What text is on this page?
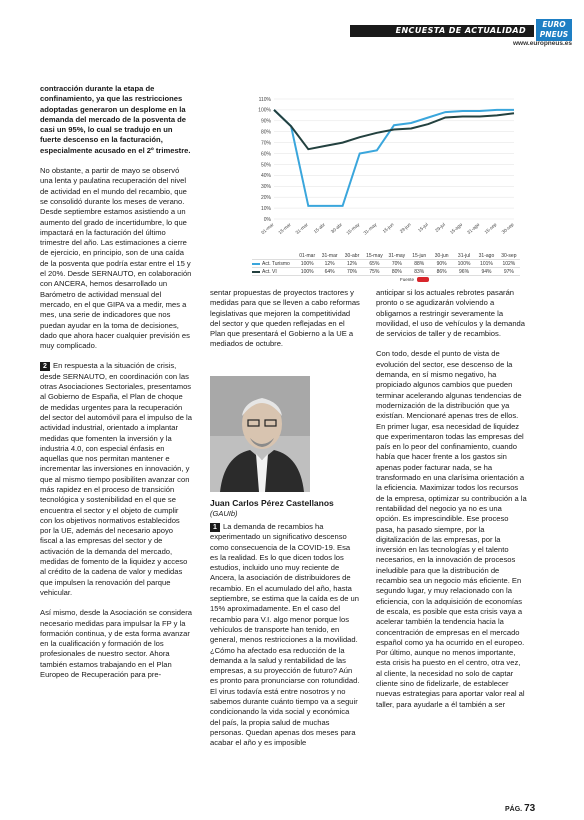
ENCUESTA DE ACTUALIDAD
EURO
PNEUS
www.europneus.es

contracción durante la etapa de confinamiento, ya que las restricciones adoptadas generaron un desplome en la demanda del mercado de la posventa de casi un 95%, lo cual se tradujo en un fuerte descenso en la facturación, especialmente acusado en el 2º trimestre.

No obstante, a partir de mayo se observó una lenta y paulatina recuperación del nivel de actividad en el mundo del recambio, que se consolidó durante los meses de verano. Desde septiembre estamos asistiendo a un aumento del grado de incertidumbre, lo que impactará en la facturación del último trimestre del año. Las estimaciones a cierre de ejercicio, en principio, son de una caída de la posventa que podría estar entre el 15 y el 20%. Desde SERNAUTO, en colaboración con ANCERA, hemos desarrollado un Barómetro de actividad mensual del mercado, en el que GIPA va a medir, mes a mes, una serie de indicadores que nos puedan ayudar en la toma de decisiones, dado que ahora hacer cualquier previsión es muy complicado.

2 En respuesta a la situación de crisis, desde SERNAUTO, en coordinación con las otras Asociaciones Sectoriales, presentamos al Gobierno de España, el Plan de choque de medidas urgentes para la recuperación del sector del automóvil para el impulso de la actividad industrial, orientado a implantar medidas que fomenten la inversión y la industria 4.0, con especial énfasis en aquellas que nos permitan mantener e incrementar las inversiones en innovación, y que al mismo tiempo posibiliten avanzar con más rapidez en el proceso de transición tecnológica y sostenibilidad en el que se encuentra el sector y el objeto de cumplir con los objetivos normativos establecidos por la UE, además del necesario apoyo fiscal a las empresas del sector y de activación de la demanda del mercado, medidas de fomento de la liquidez y acceso al crédito de la cadena de valor y medidas que impulsen la renovación del parque vehicular.

Así mismo, desde la Asociación se considera necesario medidas para impulsar la FP y la formación continua, y de esta forma avanzar en la cualificación y formación de los profesionales de nuestro sector. Ahora también estamos trabajando en el Plan Europeo de Recuperación para pre-

0%
10%
20%
30%
40%
50%
60%
70%
80%
90%
100%
110%
01-mar 15-mar 31-mar 15-abr 30-abr 15-may 31-may 15-jun 29-jun 15-jul 29-jul 15-ago 31-ago 15-sep 30-sep
01-mar	31-mar	30-abr	15-may	31-may	15-jun	30-jun	31-jul	31-ago	30-sep
Act. Turismo	100%	12%	12%	65%	70%	88%	90%	100%	101%	102%
Act. VI	100%	64%	70%	75%	80%	83%	86%	96%	94%	97%
Fuente

sentar propuestas de proyectos tractores y medidas para que se lleven a cabo reformas legislativas que mejoren la competitividad del sector y que queden reflejadas en el Plan que presentará el Gobierno a la UE a mediados de octubre.

Juan Carlos Pérez Castellanos
(GAUIb)

1 La demanda de recambios ha experimentado un significativo descenso como consecuencia de la COVID-19. Esa es la realidad. Es lo que dicen todos los estudios, incluido uno muy reciente de Ancera, la asociación de distribuidores de recambio. En el acumulado del año, hasta septiembre, se estima que la caída es de un 15% aproximadamente. En el caso del recambio para V.I. algo menor porque los vehículos de transporte han tenido, en general, menos restricciones a la movilidad. ¿Cómo ha afectado esa reducción de la demanda a la salud y rentabilidad de las empresas, a su proyección de futuro? Aún es pronto para pronunciarse con rotundidad. El virus todavía está entre nosotros y no sabemos durante cuánto tiempo va a seguir condicionando la vida social y económica del país, la propia salud de muchas personas. Quedan apenas dos meses para acabar el año y es imposible

anticipar si los actuales rebrotes pasarán pronto o se agudizarán volviendo a obligarnos a restringir severamente la movilidad, el uso de vehículos y la demanda de servicios de taller y de recambios.

Con todo, desde el punto de vista de evolución del sector, ese descenso de la demanda, en sí mismo negativo, ha propiciado algunos cambios que pueden terminar acelerando algunas tendencias de modernización de la distribución que ya existían. Mencionaré apenas tres de ellos. En primer lugar, esa necesidad de liquidez que experimentaron todas las empresas del país en lo peor del confinamiento, cuando había que hacer frente a los gastos sin apenas poder facturar nada, se ha transformado en una clarísima orientación a la eficiencia. Maximizar todos los recursos de la empresa, optimizar su contribución a la rentabilidad del negocio ya no es una opción. Es imprescindible. Ese proceso pasa, ha pasado siempre, por la digitalización de las empresas, por la inversión en las tecnologías y el talento necesarios, en la innovación de procesos ineludible para que la distribución de recambio sea un negocio más eficiente. En segundo lugar, y muy relacionado con la eficiencia, con la adquisición de economías de escala, es posible que esta crisis vaya a acelerar también la tendencia hacia la concentración de empresas en el mercado español como ya ha ocurrido en el europeo. Por último, aunque no menos importante, esta crisis ha puesto en el centro, otra vez, al cliente, la necesidad no solo de captar cliente sino de fidelizarle, de establecer nuevas estrategias para aportar valor real al taller, para ayudarle a él también a ser

PÁG. 73
